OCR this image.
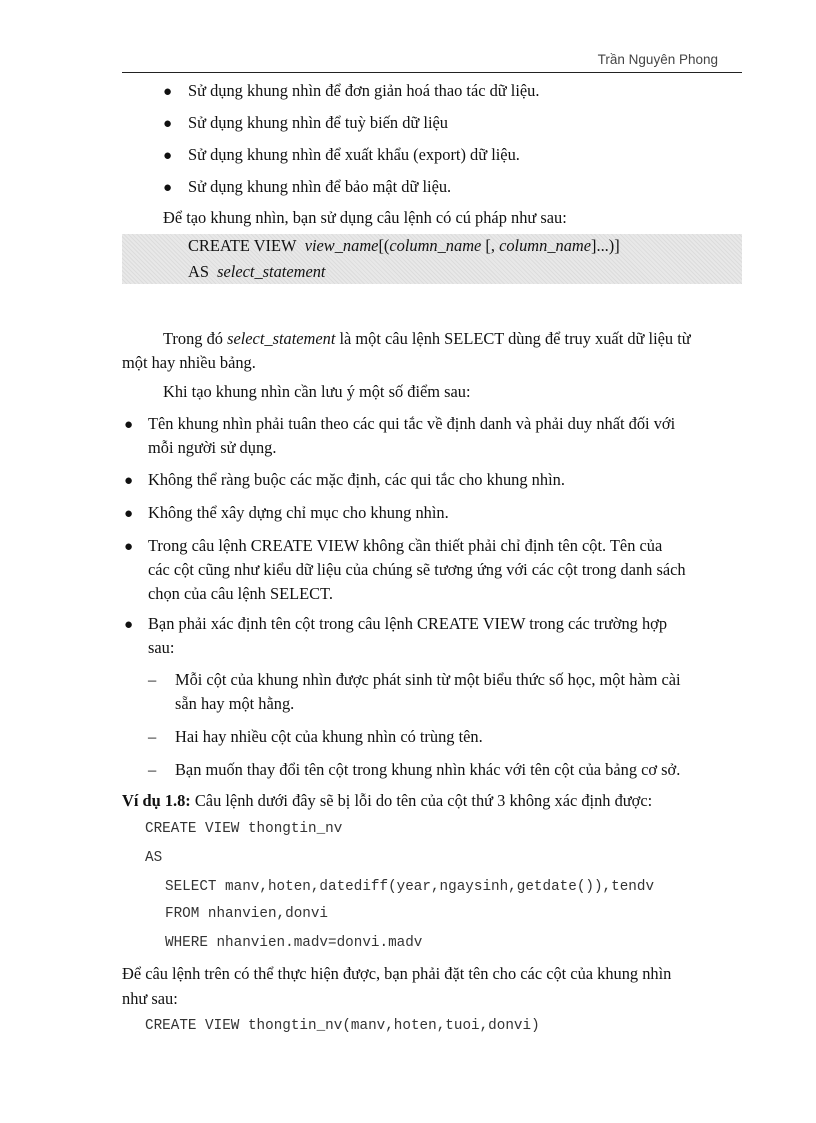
Trần Nguyên Phong
● Sử dụng khung nhìn để đơn giản hoá thao tác dữ liệu.
● Sử dụng khung nhìn để tuỳ biến dữ liệu
● Sử dụng khung nhìn để xuất khẩu (export) dữ liệu.
● Sử dụng khung nhìn để bảo mật dữ liệu.
Để tạo khung nhìn, bạn sử dụng câu lệnh có cú pháp như sau:
CREATE VIEW view_name[(column_name [, column_name]...)]
AS select_statement
Trong đó select_statement là một câu lệnh SELECT dùng để truy xuất dữ liệu từ
một hay nhiều bảng.
Khi tạo khung nhìn cần lưu ý một số điểm sau:
● Tên khung nhìn phải tuân theo các qui tắc về định danh và phải duy nhất đối với
mỗi người sử dụng.
● Không thể ràng buộc các mặc định, các qui tắc cho khung nhìn.
● Không thể xây dựng chỉ mục cho khung nhìn.
● Trong câu lệnh CREATE VIEW không cần thiết phải chỉ định tên cột. Tên của
các cột cũng như kiểu dữ liệu của chúng sẽ tương ứng với các cột trong danh sách
chọn của câu lệnh SELECT.
● Bạn phải xác định tên cột trong câu lệnh CREATE VIEW trong các trường hợp
sau:
– Mỗi cột của khung nhìn được phát sinh từ một biểu thức số học, một hàm cài
sẵn hay một hằng.
– Hai hay nhiều cột của khung nhìn có trùng tên.
– Bạn muốn thay đổi tên cột trong khung nhìn khác với tên cột của bảng cơ sở.
Ví dụ 1.8: Câu lệnh dưới đây sẽ bị lỗi do tên của cột thứ 3 không xác định được:
CREATE VIEW thongtin_nv
AS
SELECT manv,hoten,datediff(year,ngaysinh,getdate()),tendv
FROM nhanvien,donvi
WHERE nhanvien.madv=donvi.madv
Để câu lệnh trên có thể thực hiện được, bạn phải đặt tên cho các cột của khung nhìn
như sau:
CREATE VIEW thongtin_nv(manv,hoten,tuoi,donvi)
